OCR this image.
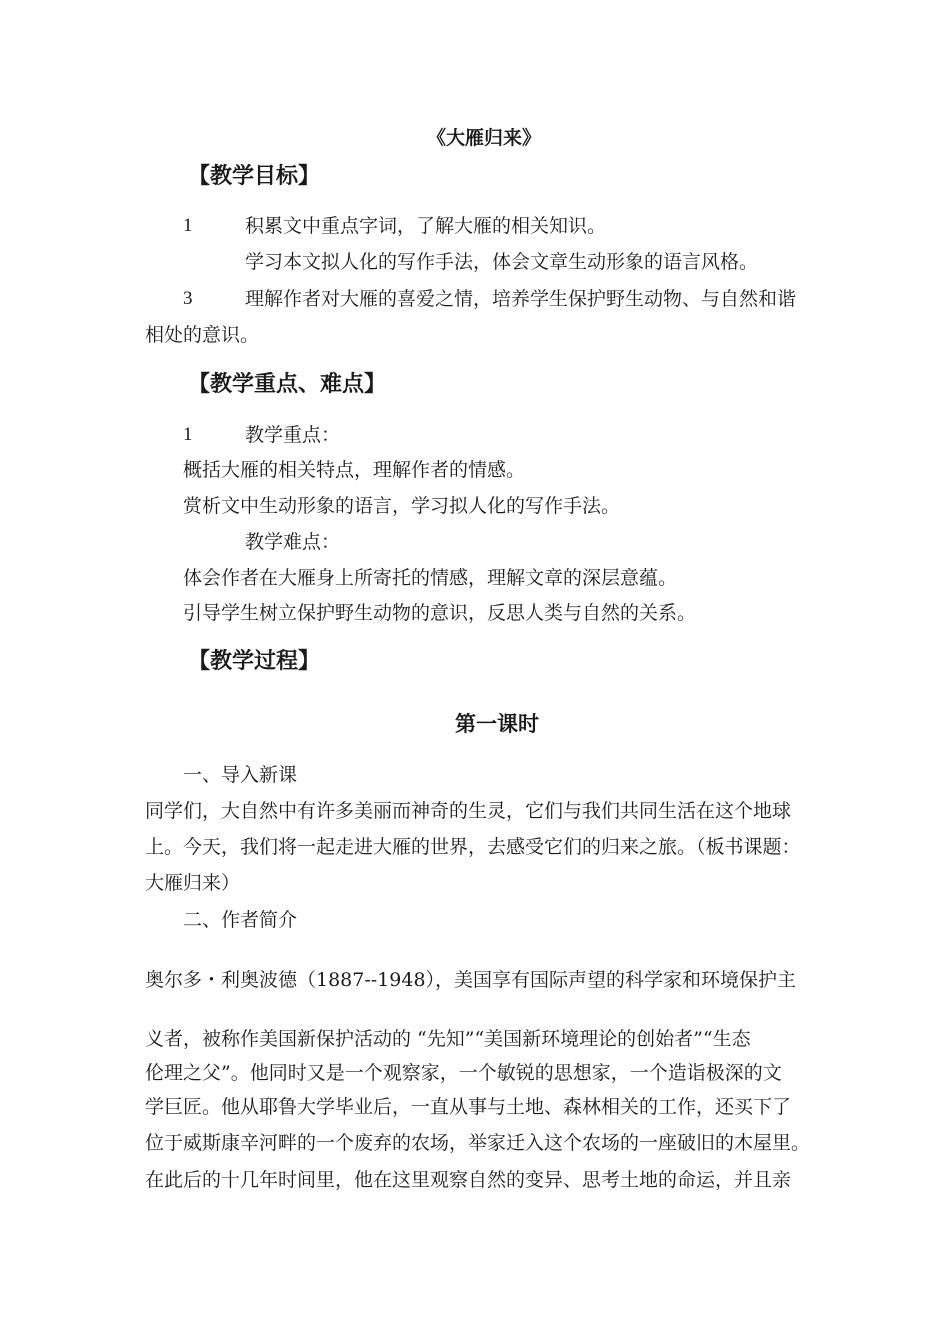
《大雁归来》
【教学目标】
1	积累文中重点字词，了解大雁的相关知识。
学习本文拟人化的写作手法，体会文章生动形象的语言风格。
3	理解作者对大雁的喜爱之情，培养学生保护野生动物、与自然和谐
相处的意识。
【教学重点、难点】
1	教学重点：
概括大雁的相关特点，理解作者的情感。
赏析文中生动形象的语言，学习拟人化的写作手法。
教学难点：
体会作者在大雁身上所寄托的情感，理解文章的深层意蕴。
引导学生树立保护野生动物的意识，反思人类与自然的关系。
【教学过程】
第一课时
一、导入新课
同学们，大自然中有许多美丽而神奇的生灵，它们与我们共同生活在这个地球
上。今天，我们将一起走进大雁的世界，去感受它们的归来之旅。（板书课题：
大雁归来）
二、作者简介
奥尔多・利奥波德（1887--1948），美国享有国际声望的科学家和环境保护主
义者，被称作美国新保护活动的 “先知”“美国新环境理论的创始者”“生态
伦理之父”。他同时又是一个观察家，一个敏锐的思想家，一个造诣极深的文
学巨匠。他从耶鲁大学毕业后，一直从事与土地、森林相关的工作，还买下了
位于威斯康辛河畔的一个废弃的农场，举家迁入这个农场的一座破旧的木屋里。
在此后的十几年时间里，他在这里观察自然的变异、思考土地的命运，并且亲
